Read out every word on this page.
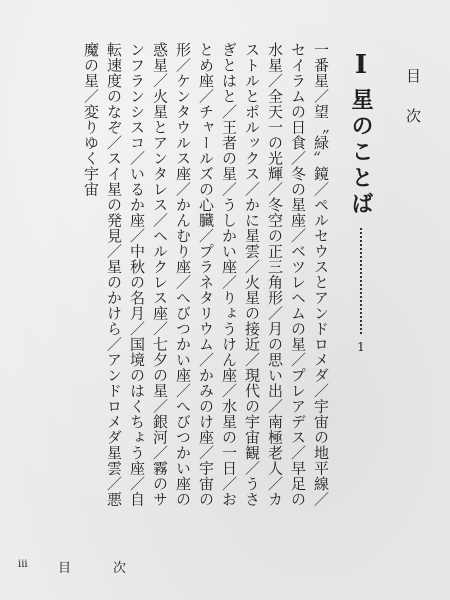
目次
I
星のことば
1
一番星／望〝緑〟鏡／ペルセウスとアンドロメダ／宇宙の地平線／
セイラムの日食／冬の星座／ベツレヘムの星／プレアデス／早足の
水星／全天一の光輝／冬空の正三角形／月の思い出／南極老人／カ
ストルとポルックス／かに星雲／火星の接近／現代の宇宙観／うさ
ぎとはと／王者の星／うしかい座／りょうけん座／水星の一日／お
とめ座／チャールズの心臓／プラネタリウム／かみのけ座／宇宙の
形／ケンタウルス座／かんむり座／へびつかい座／へびつかい座の
惑星／火星とアンタレス／ヘルクレス座／七夕の星／銀河／霧のサ
ンフランシスコ／いるか座／中秋の名月／国境のはくちょう座／自
転速度のなぞ／スイ星の発見／星のかけら／アンドロメダ星雲／悪
魔の星／変りゆく宇宙
iii 目次
